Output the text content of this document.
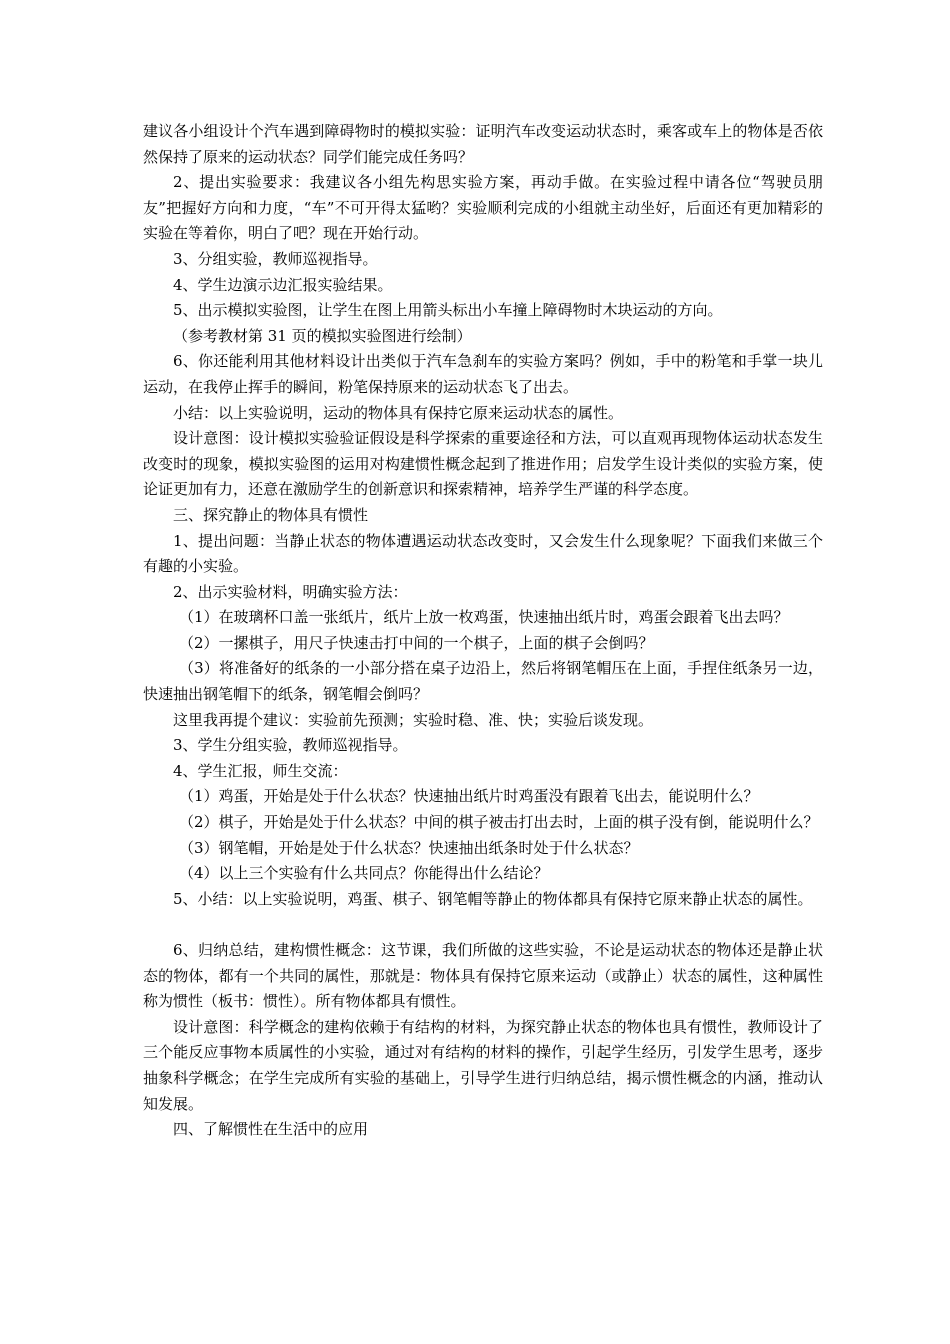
建议各小组设计个汽车遇到障碍物时的模拟实验：证明汽车改变运动状态时，乘客或车上的物体是否依然保持了原来的运动状态？同学们能完成任务吗？

2、提出实验要求：我建议各小组先构思实验方案，再动手做。在实验过程中请各位“驾驶员朋友”把握好方向和力度，“车”不可开得太猛哟？实验顺利完成的小组就主动坐好，后面还有更加精彩的实验在等着你，明白了吧？现在开始行动。

3、分组实验，教师巡视指导。

4、学生边演示边汇报实验结果。

5、出示模拟实验图，让学生在图上用箭头标出小车撞上障碍物时木块运动的方向。

（参考教材第 31 页的模拟实验图进行绘制）

6、你还能利用其他材料设计出类似于汽车急刹车的实验方案吗？例如，手中的粉笔和手掌一块儿运动，在我停止挥手的瞬间，粉笔保持原来的运动状态飞了出去。

小结：以上实验说明，运动的物体具有保持它原来运动状态的属性。

设计意图：设计模拟实验验证假设是科学探索的重要途径和方法，可以直观再现物体运动状态发生改变时的现象，模拟实验图的运用对构建惯性概念起到了推进作用；启发学生设计类似的实验方案，使论证更加有力，还意在激励学生的创新意识和探索精神，培养学生严谨的科学态度。

三、探究静止的物体具有惯性

1、提出问题：当静止状态的物体遭遇运动状态改变时，又会发生什么现象呢？下面我们来做三个有趣的小实验。

2、出示实验材料，明确实验方法：

（1）在玻璃杯口盖一张纸片，纸片上放一枚鸡蛋，快速抽出纸片时，鸡蛋会跟着飞出去吗？

（2）一摞棋子，用尺子快速击打中间的一个棋子，上面的棋子会倒吗？

（3）将准备好的纸条的一小部分搭在桌子边沿上，然后将钢笔帽压在上面，手捏住纸条另一边，快速抽出钢笔帽下的纸条，钢笔帽会倒吗？

这里我再提个建议：实验前先预测；实验时稳、准、快；实验后谈发现。

3、学生分组实验，教师巡视指导。

4、学生汇报，师生交流：

（1）鸡蛋，开始是处于什么状态？快速抽出纸片时鸡蛋没有跟着飞出去，能说明什么？

（2）棋子，开始是处于什么状态？中间的棋子被击打出去时，上面的棋子没有倒，能说明什么？

（3）钢笔帽，开始是处于什么状态？快速抽出纸条时处于什么状态？

（4）以上三个实验有什么共同点？你能得出什么结论？

5、小结：以上实验说明，鸡蛋、棋子、钢笔帽等静止的物体都具有保持它原来静止状态的属性。

6、归纳总结，建构惯性概念：这节课，我们所做的这些实验，不论是运动状态的物体还是静止状态的物体，都有一个共同的属性，那就是：物体具有保持它原来运动（或静止）状态的属性，这种属性称为惯性（板书：惯性）。所有物体都具有惯性。

设计意图：科学概念的建构依赖于有结构的材料，为探究静止状态的物体也具有惯性，教师设计了三个能反应事物本质属性的小实验，通过对有结构的材料的操作，引起学生经历，引发学生思考，逐步抽象科学概念；在学生完成所有实验的基础上，引导学生进行归纳总结，揭示惯性概念的内涵，推动认知发展。

四、了解惯性在生活中的应用
